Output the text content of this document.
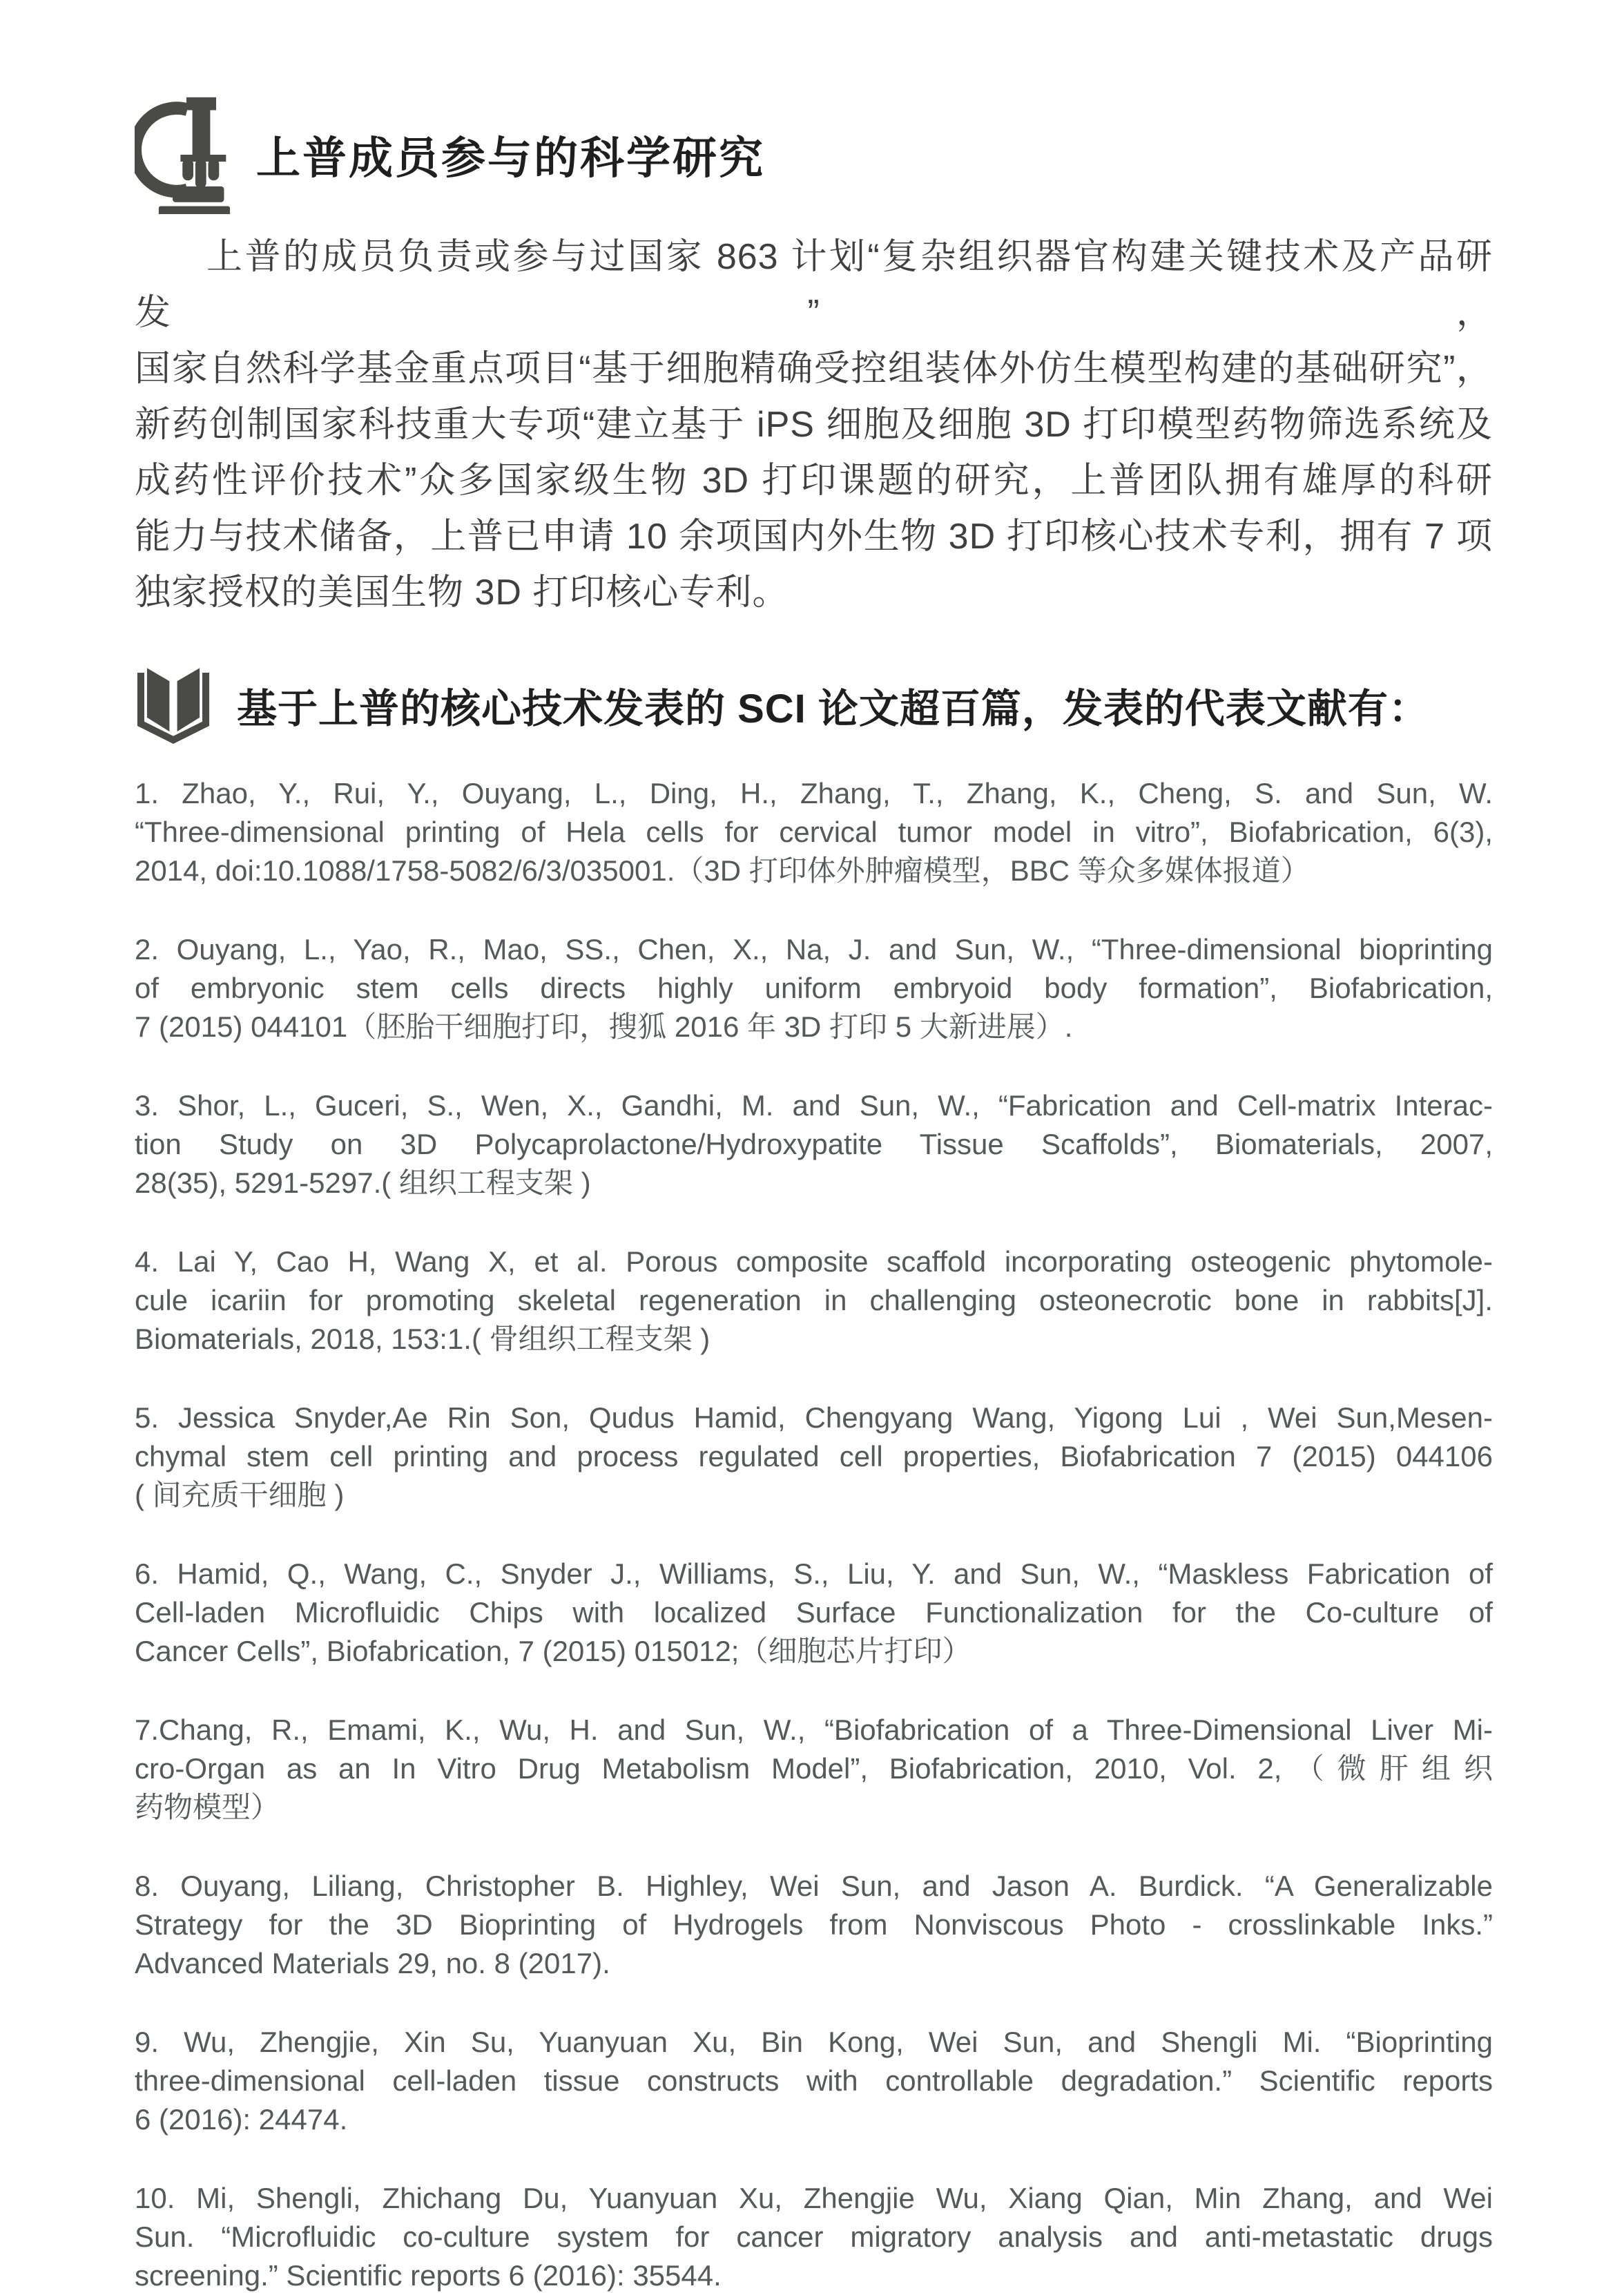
上普成员参与的科学研究
上普的成员负责或参与过国家 863 计划“复杂组织器官构建关键技术及产品研发”，
国家自然科学基金重点项目“基于细胞精确受控组装体外仿生模型构建的基础研究”，
新药创制国家科技重大专项“建立基于 iPS 细胞及细胞 3D 打印模型药物筛选系统及
成药性评价技术”众多国家级生物 3D 打印课题的研究，上普团队拥有雄厚的科研
能力与技术储备，上普已申请 10 余项国内外生物 3D 打印核心技术专利，拥有 7 项
独家授权的美国生物 3D 打印核心专利。
基于上普的核心技术发表的 SCI 论文超百篇，发表的代表文献有：
1. Zhao, Y., Rui, Y., Ouyang, L., Ding, H., Zhang, T., Zhang, K., Cheng, S. and Sun, W.
“Three-dimensional printing of Hela cells for cervical tumor model in vitro”, Biofabrication, 6(3),
2014, doi:10.1088/1758-5082/6/3/035001.（3D 打印体外肿瘤模型，BBC 等众多媒体报道）
2. Ouyang, L., Yao, R., Mao, SS., Chen, X., Na, J. and Sun, W., “Three-dimensional bioprinting
of embryonic stem cells directs highly uniform embryoid body formation”, Biofabrication,
7 (2015) 044101（胚胎干细胞打印，搜狐 2016 年 3D 打印 5 大新进展）.
3. Shor, L., Guceri, S., Wen, X., Gandhi, M. and Sun, W., “Fabrication and Cell-matrix Interac-
tion Study on 3D Polycaprolactone/Hydroxypatite Tissue Scaffolds”, Biomaterials, 2007,
28(35), 5291-5297.( 组织工程支架 )
4. Lai Y, Cao H, Wang X, et al. Porous composite scaffold incorporating osteogenic phytomole-
cule icariin for promoting skeletal regeneration in challenging osteonecrotic bone in rabbits[J].
Biomaterials, 2018, 153:1.( 骨组织工程支架 )
5. Jessica Snyder,Ae Rin Son, Qudus Hamid, Chengyang Wang, Yigong Lui , Wei Sun,Mesen-
chymal stem cell printing and process regulated cell properties, Biofabrication 7 (2015) 044106
( 间充质干细胞 )
6. Hamid, Q., Wang, C., Snyder J., Williams, S., Liu, Y. and Sun, W., “Maskless Fabrication of
Cell-laden Microfluidic Chips with localized Surface Functionalization for the Co-culture of
Cancer Cells”, Biofabrication, 7 (2015) 015012;（细胞芯片打印）
7.Chang, R., Emami, K., Wu, H. and Sun, W., “Biofabrication of a Three-Dimensional Liver Mi-
cro-Organ as an In Vitro Drug Metabolism Model”, Biofabrication, 2010, Vol. 2,（微肝组织
药物模型）
8. Ouyang, Liliang, Christopher B. Highley, Wei Sun, and Jason A. Burdick. “A Generalizable
Strategy for the 3D Bioprinting of Hydrogels from Nonviscous Photo - crosslinkable Inks.”
Advanced Materials 29, no. 8 (2017).
9. Wu, Zhengjie, Xin Su, Yuanyuan Xu, Bin Kong, Wei Sun, and Shengli Mi. “Bioprinting
three-dimensional cell-laden tissue constructs with controllable degradation.” Scientific reports
6 (2016): 24474.
10. Mi, Shengli, Zhichang Du, Yuanyuan Xu, Zhengjie Wu, Xiang Qian, Min Zhang, and Wei
Sun. “Microfluidic co-culture system for cancer migratory analysis and anti-metastatic drugs
screening.” Scientific reports 6 (2016): 35544.
